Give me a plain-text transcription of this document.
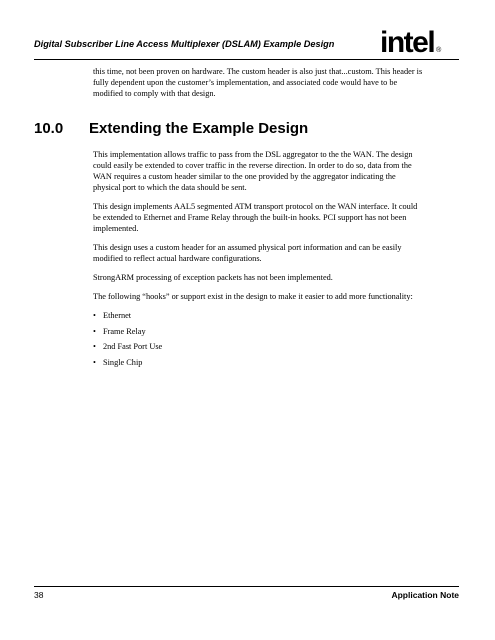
Digital Subscriber Line Access Multiplexer (DSLAM) Example Design intel ®

this time, not been proven on hardware. The custom header is also just that...custom. This header is
fully dependent upon the customer’s implementation, and associated code would have to be
modified to comply with that design.

10.0 Extending the Example Design

This implementation allows traffic to pass from the DSL aggregator to the the WAN. The design
could easily be extended to cover traffic in the reverse direction. In order to do so, data from the
WAN requires a custom header similar to the one provided by the aggregator indicating the
physical port to which the data should be sent.

This design implements AAL5 segmented ATM transport protocol on the WAN interface. It could
be extended to Ethernet and Frame Relay through the built-in hooks. PCI support has not been
implemented.

This design uses a custom header for an assumed physical port information and can be easily
modified to reflect actual hardware configurations.

StrongARM processing of exception packets has not been implemented.

The following “hooks” or support exist in the design to make it easier to add more functionality:

• Ethernet
• Frame Relay
• 2nd Fast Port Use
• Single Chip
38	Application Note
